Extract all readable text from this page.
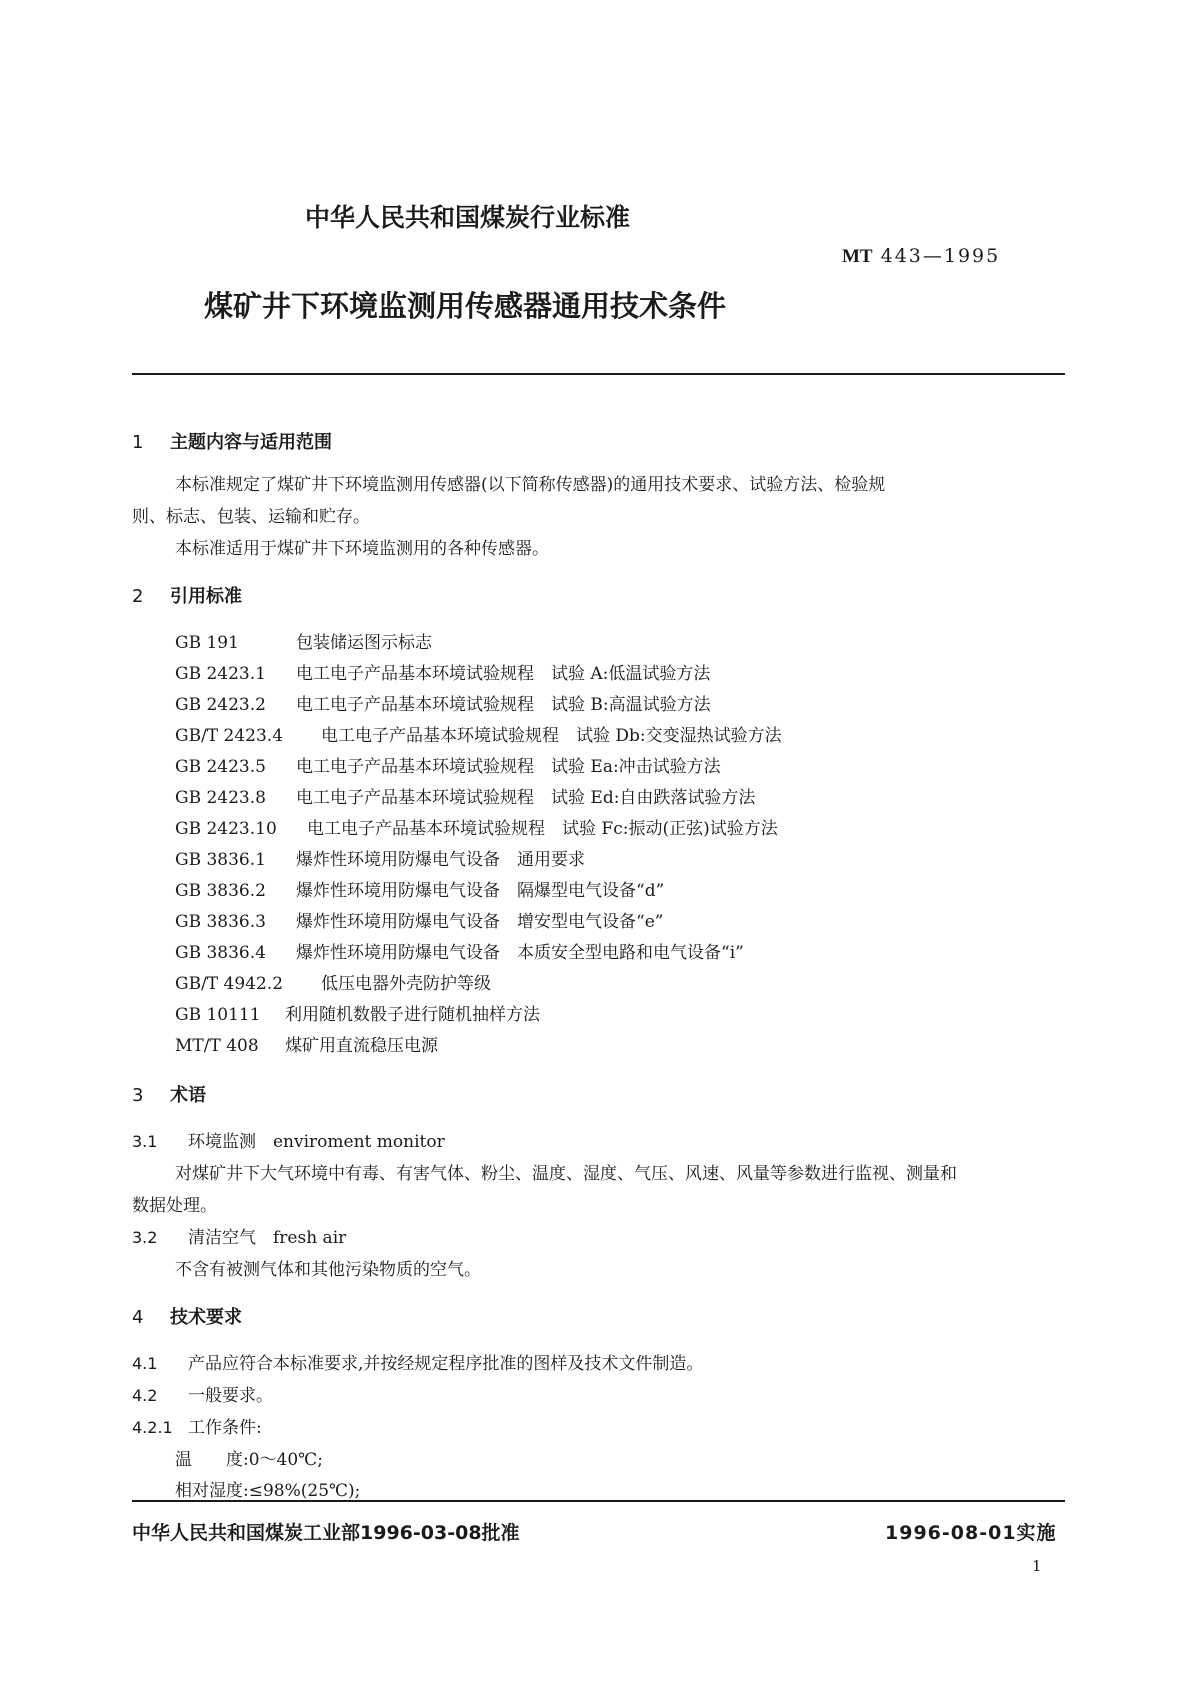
中华人民共和国煤炭行业标准
MT 443—1995
煤矿井下环境监测用传感器通用技术条件
1 主题内容与适用范围
本标准规定了煤矿井下环境监测用传感器(以下简称传感器)的通用技术要求、试验方法、检验规
则、标志、包装、运输和贮存。
本标准适用于煤矿井下环境监测用的各种传感器。
2 引用标准
GB 191	包装储运图示标志
GB 2423.1 电工电子产品基本环境试验规程　试验 A:低温试验方法
GB 2423.2 电工电子产品基本环境试验规程　试验 B:高温试验方法
GB/T 2423.4 电工电子产品基本环境试验规程　试验 Db:交变湿热试验方法
GB 2423.5 电工电子产品基本环境试验规程　试验 Ea:冲击试验方法
GB 2423.8 电工电子产品基本环境试验规程　试验 Ed:自由跌落试验方法
GB 2423.10 电工电子产品基本环境试验规程　试验 Fc:振动(正弦)试验方法
GB 3836.1 爆炸性环境用防爆电气设备　通用要求
GB 3836.2 爆炸性环境用防爆电气设备　隔爆型电气设备“d”
GB 3836.3 爆炸性环境用防爆电气设备　增安型电气设备“e”
GB 3836.4 爆炸性环境用防爆电气设备　本质安全型电路和电气设备“i”
GB/T 4942.2 低压电器外壳防护等级
GB 10111 利用随机数骰子进行随机抽样方法
MT/T 408 煤矿用直流稳压电源
3 术语
3.1 环境监测　enviroment monitor
对煤矿井下大气环境中有毒、有害气体、粉尘、温度、湿度、气压、风速、风量等参数进行监视、测量和
数据处理。
3.2 清洁空气　fresh air
不含有被测气体和其他污染物质的空气。
4 技术要求
4.1 产品应符合本标准要求,并按经规定程序批准的图样及技术文件制造。
4.2 一般要求。
4.2.1 工作条件:
温　　度:0～40℃;
相对湿度:≤98%(25℃);
中华人民共和国煤炭工业部1996-03-08批准	1996-08-01实施
1
